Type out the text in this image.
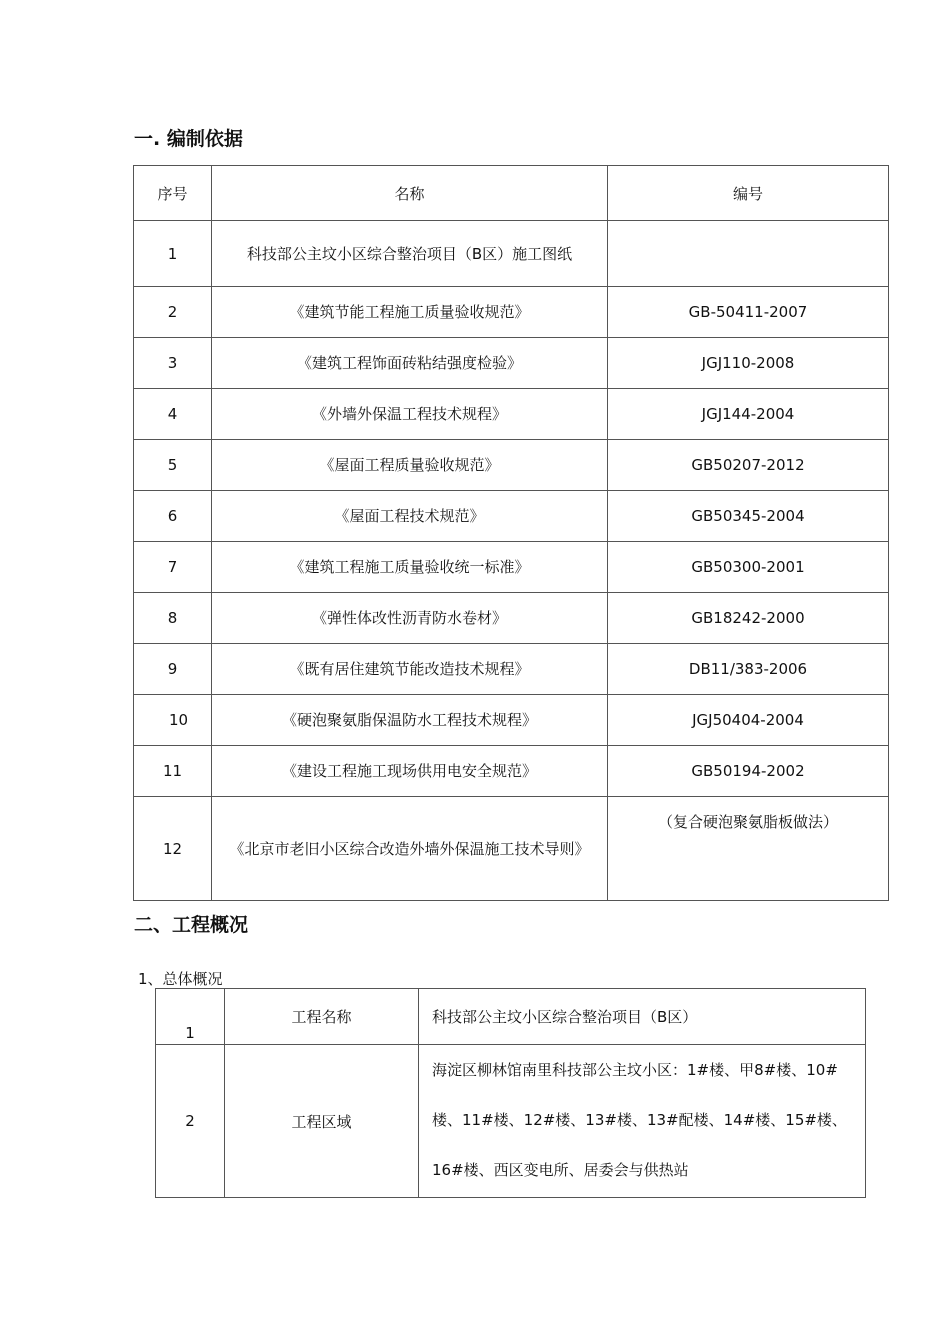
一. 编制依据
序号	名称	编号
1	科技部公主坟小区综合整治项目（B区）施工图纸	
2	《建筑节能工程施工质量验收规范》	GB-50411-2007
3	《建筑工程饰面砖粘结强度检验》	JGJ110-2008
4	《外墙外保温工程技术规程》	JGJ144-2004
5	《屋面工程质量验收规范》	GB50207-2012
6	《屋面工程技术规范》	GB50345-2004
7	《建筑工程施工质量验收统一标准》	GB50300-2001
8	《弹性体改性沥青防水卷材》	GB18242-2000
9	《既有居住建筑节能改造技术规程》	DB11/383-2006
10	《硬泡聚氨脂保温防水工程技术规程》	JGJ50404-2004
11	《建设工程施工现场供用电安全规范》	GB50194-2002
12	《北京市老旧小区综合改造外墙外保温施工技术导则》	（复合硬泡聚氨脂板做法）
二、工程概况
1、总体概况
1	工程名称	科技部公主坟小区综合整治项目（B区）
2	工程区域	海淀区柳林馆南里科技部公主坟小区：1#楼、甲8#楼、10#楼、11#楼、12#楼、13#楼、13#配楼、14#楼、15#楼、16#楼、西区变电所、居委会与供热站
